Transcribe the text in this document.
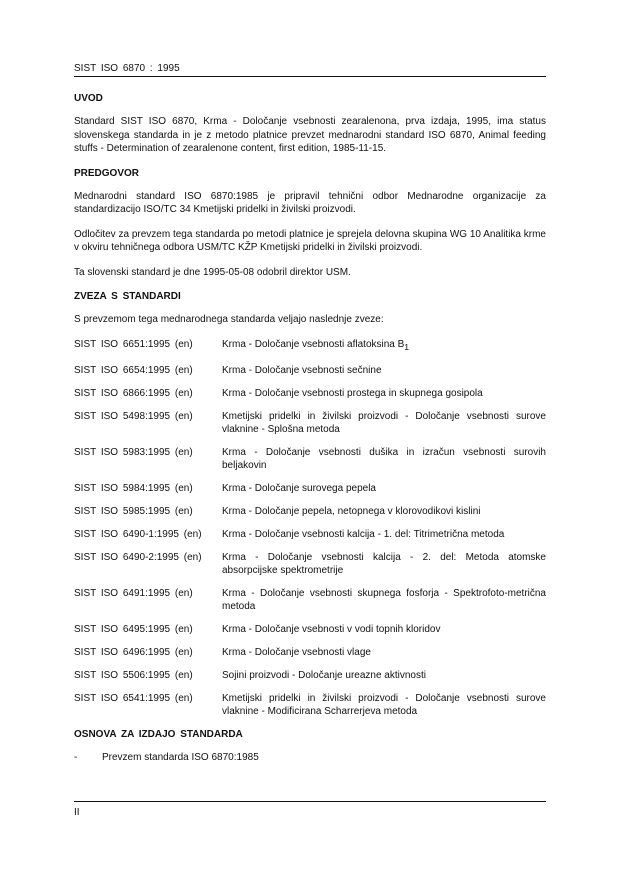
SIST ISO 6870 : 1995
UVOD

Standard SIST ISO 6870, Krma - Določanje vsebnosti zearalenona, prva izdaja, 1995, ima status slovenskega standarda in je z metodo platnice prevzet mednarodni standard ISO 6870, Animal feeding stuffs - Determination of zearalenone content, first edition, 1985-11-15.

PREDGOVOR

Mednarodni standard ISO 6870:1985 je pripravil tehnični odbor Mednarodne organizacije za standardizacijo ISO/TC 34 Kmetijski pridelki in živilski proizvodi.

Odločitev za prevzem tega standarda po metodi platnice je sprejela delovna skupina WG 10 Analitika krme v okviru tehničnega odbora USM/TC KŽP Kmetijski pridelki in živilski proizvodi.

Ta slovenski standard je dne 1995-05-08 odobril direktor USM.

ZVEZA S STANDARDI

S prevzemom tega mednarodnega standarda veljajo naslednje zveze:

SIST ISO 6651:1995 (en)	Krma - Določanje vsebnosti aflatoksina $B_1$
SIST ISO 6654:1995 (en)	Krma - Določanje vsebnosti sečnine
SIST ISO 6866:1995 (en)	Krma - Določanje vsebnosti prostega in skupnega gosipola
SIST ISO 5498:1995 (en)	Kmetijski pridelki in živilski proizvodi - Določanje vsebnosti surove vlaknine - Splošna metoda
SIST ISO 5983:1995 (en)	Krma - Določanje vsebnosti dušika in izračun vsebnosti surovih beljakovin
SIST ISO 5984:1995 (en)	Krma - Določanje surovega pepela
SIST ISO 5985:1995 (en)	Krma - Določanje pepela, netopnega v klorovodikovi kislini
SIST ISO 6490-1:1995 (en)	Krma - Določanje vsebnosti kalcija - 1. del: Titrimetrična metoda
SIST ISO 6490-2:1995 (en)	Krma - Določanje vsebnosti kalcija - 2. del: Metoda atomske absorpcijske spektrometrije
SIST ISO 6491:1995 (en)	Krma - Določanje vsebnosti skupnega fosforja - Spektrofoto-metrična metoda
SIST ISO 6495:1995 (en)	Krma - Določanje vsebnosti v vodi topnih kloridov
SIST ISO 6496:1995 (en)	Krma - Določanje vsebnosti vlage
SIST ISO 5506:1995 (en)	Sojini proizvodi - Določanje ureazne aktivnosti
SIST ISO 6541:1995 (en)	Kmetijski pridelki in živilski proizvodi - Določanje vsebnosti surove vlaknine - Modificirana Scharrerjeva metoda
OSNOVA ZA IZDAJO STANDARDA
-	Prevzem standarda ISO 6870:1985
II
